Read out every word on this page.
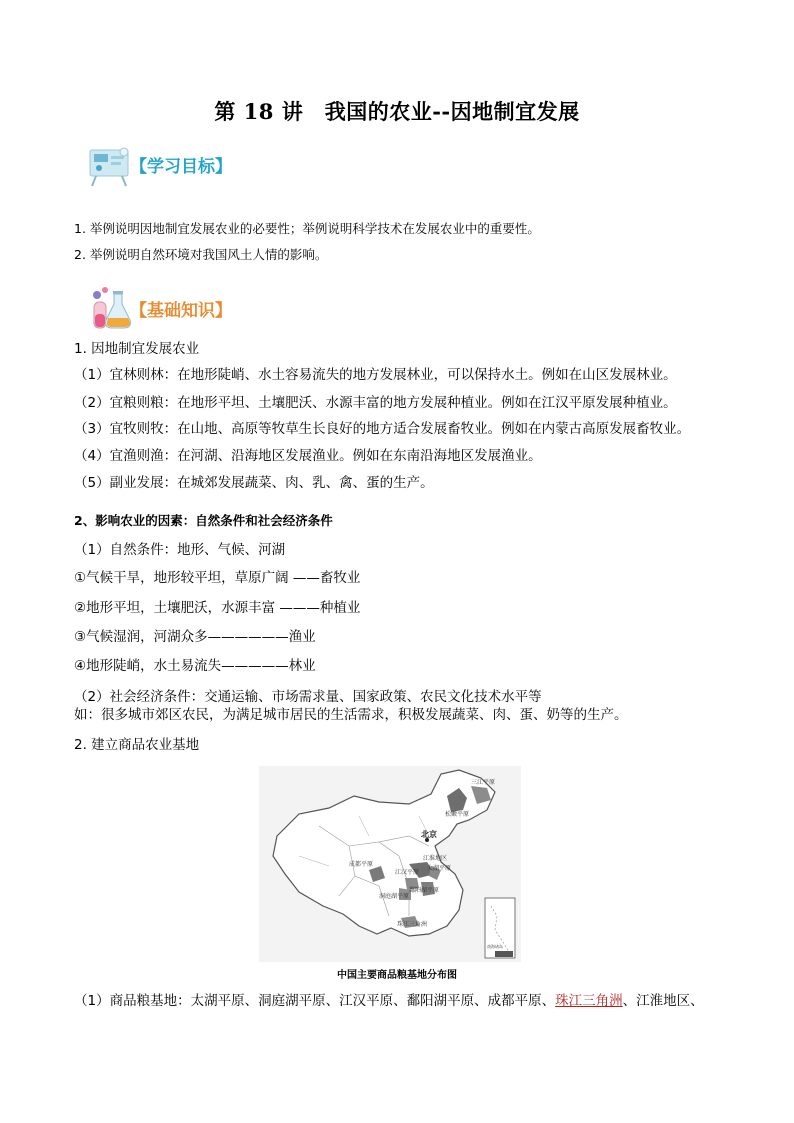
第 18 讲　我国的农业--因地制宜发展
【学习目标】
1. 举例说明因地制宜发展农业的必要性；举例说明科学技术在发展农业中的重要性。
2. 举例说明自然环境对我国风土人情的影响。
【基础知识】
1. 因地制宜发展农业
（1）宜林则林：在地形陡峭、水土容易流失的地方发展林业，可以保持水土。例如在山区发展林业。
（2）宜粮则粮：在地形平坦、土壤肥沃、水源丰富的地方发展种植业。例如在江汉平原发展种植业。
（3）宜牧则牧：在山地、高原等牧草生长良好的地方适合发展畜牧业。例如在内蒙古高原发展畜牧业。
（4）宜渔则渔：在河湖、沿海地区发展渔业。例如在东南沿海地区发展渔业。
（5）副业发展：在城郊发展蔬菜、肉、乳、禽、蛋的生产。
2、影响农业的因素：自然条件和社会经济条件
（1）自然条件：地形、气候、河湖
①气候干旱，地形较平坦，草原广阔 ——畜牧业
②地形平坦，土壤肥沃，水源丰富 ———种植业
③气候湿润，河湖众多——————渔业
④地形陡峭，水土易流失—————林业
（2）社会经济条件：交通运输、市场需求量、国家政策、农民文化技术水平等
如：很多城市郊区农民，为满足城市居民的生活需求，积极发展蔬菜、肉、蛋、奶等的生产。
2. 建立商品农业基地
松嫩平原
三江平原
北京
成都平原
江淮地区
江汉平原
太湖平原
鄱阳湖平原
洞庭湖平原
珠江三角洲
南海诸岛
中国主要商品粮基地分布图
（1）商品粮基地：太湖平原、洞庭湖平原、江汉平原、鄱阳湖平原、成都平原、珠江三角洲、江淮地区、
